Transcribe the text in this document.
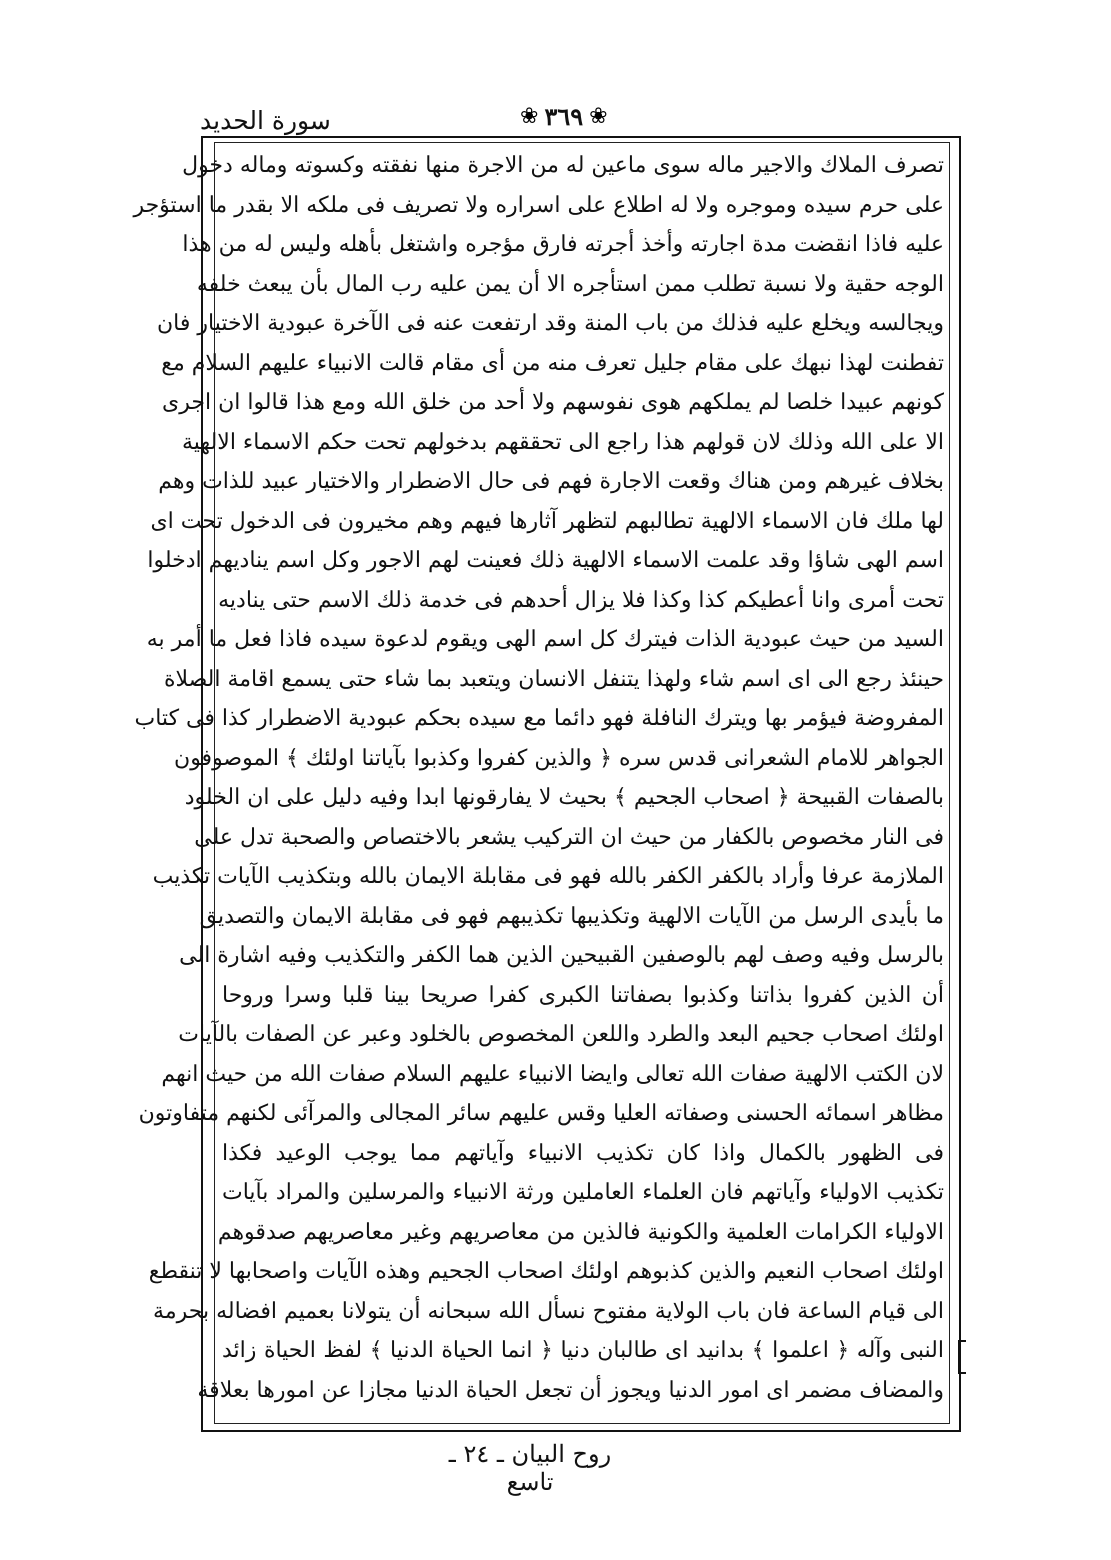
سورة الحديد	❀ ٣٦٩ ❀
تصرف الملاك والاجير ماله سوى ماعين له من الاجرة منها نفقته وكسوته وماله دخول
على حرم سيده وموجره ولا له اطلاع على اسراره ولا تصريف فى ملكه الا بقدر ما استؤجر
عليه فاذا انقضت مدة اجارته وأخذ أجرته فارق مؤجره واشتغل بأهله وليس له من هذا
الوجه حقية ولا نسبة تطلب ممن استأجره الا أن يمن عليه رب المال بأن يبعث خلفه
ويجالسه ويخلع عليه فذلك من باب المنة وقد ارتفعت عنه فى الآخرة عبودية الاختيار فان
تفطنت لهذا نبهك على مقام جليل تعرف منه من أى مقام قالت الانبياء عليهم السلام مع
كونهم عبيدا خلصا لم يملكهم هوى نفوسهم ولا أحد من خلق الله ومع هذا قالوا ان اجرى
الا على الله وذلك لان قولهم هذا راجع الى تحققهم بدخولهم تحت حكم الاسماء الالهية
بخلاف غيرهم ومن هناك وقعت الاجارة فهم فى حال الاضطرار والاختيار عبيد للذات وهم
لها ملك فان الاسماء الالهية تطالبهم لتظهر آثارها فيهم وهم مخيرون فى الدخول تحت اى
اسم الهى شاؤا وقد علمت الاسماء الالهية ذلك فعينت لهم الاجور وكل اسم يناديهم ادخلوا
تحت أمرى وانا أعطيكم كذا وكذا فلا يزال أحدهم فى خدمة ذلك الاسم حتى يناديه
السيد من حيث عبودية الذات فيترك كل اسم الهى ويقوم لدعوة سيده فاذا فعل ما أمر به
حينئذ رجع الى اى اسم شاء ولهذا يتنفل الانسان ويتعبد بما شاء حتى يسمع اقامة الصلاة
المفروضة فيؤمر بها ويترك النافلة فهو دائما مع سيده بحكم عبودية الاضطرار كذا فى كتاب
الجواهر للامام الشعرانى قدس سره ﴿ والذين كفروا وكذبوا بآياتنا اولئك ﴾ الموصوفون
بالصفات القبيحة ﴿ اصحاب الجحيم ﴾ بحيث لا يفارقونها ابدا وفيه دليل على ان الخلود
فى النار مخصوص بالكفار من حيث ان التركيب يشعر بالاختصاص والصحبة تدل على
الملازمة عرفا وأراد بالكفر الكفر بالله فهو فى مقابلة الايمان بالله وبتكذيب الآيات تكذيب
ما بأيدى الرسل من الآيات الالهية وتكذيبها تكذيبهم فهو فى مقابلة الايمان والتصديق
بالرسل وفيه وصف لهم بالوصفين القبيحين الذين هما الكفر والتكذيب وفيه اشارة الى
أن الذين كفروا بذاتنا وكذبوا بصفاتنا الكبرى كفرا صريحا بينا قلبا وسرا وروحا
اولئك اصحاب جحيم البعد والطرد واللعن المخصوص بالخلود وعبر عن الصفات بالآيات
لان الكتب الالهية صفات الله تعالى وايضا الانبياء عليهم السلام صفات الله من حيث انهم
مظاهر اسمائه الحسنى وصفاته العليا وقس عليهم سائر المجالى والمرآئى لكنهم متفاوتون
فى الظهور بالكمال واذا كان تكذيب الانبياء وآياتهم مما يوجب الوعيد فكذا
تكذيب الاولياء وآياتهم فان العلماء العاملين ورثة الانبياء والمرسلين والمراد بآيات
الاولياء الكرامات العلمية والكونية فالذين من معاصريهم وغير معاصريهم صدقوهم
اولئك اصحاب النعيم والذين كذبوهم اولئك اصحاب الجحيم وهذه الآيات واصحابها لا تنقطع
الى قيام الساعة فان باب الولاية مفتوح نسأل الله سبحانه أن يتولانا بعميم افضاله بحرمة
النبى وآله ﴿ اعلموا ﴾ بدانيد اى طالبان دنيا ﴿ انما الحياة الدنيا ﴾ لفظ الحياة زائد
والمضاف مضمر اى امور الدنيا ويجوز أن تجعل الحياة الدنيا مجازا عن امورها بعلاقة
روح البيان ـ ٢٤ ـ تاسع
